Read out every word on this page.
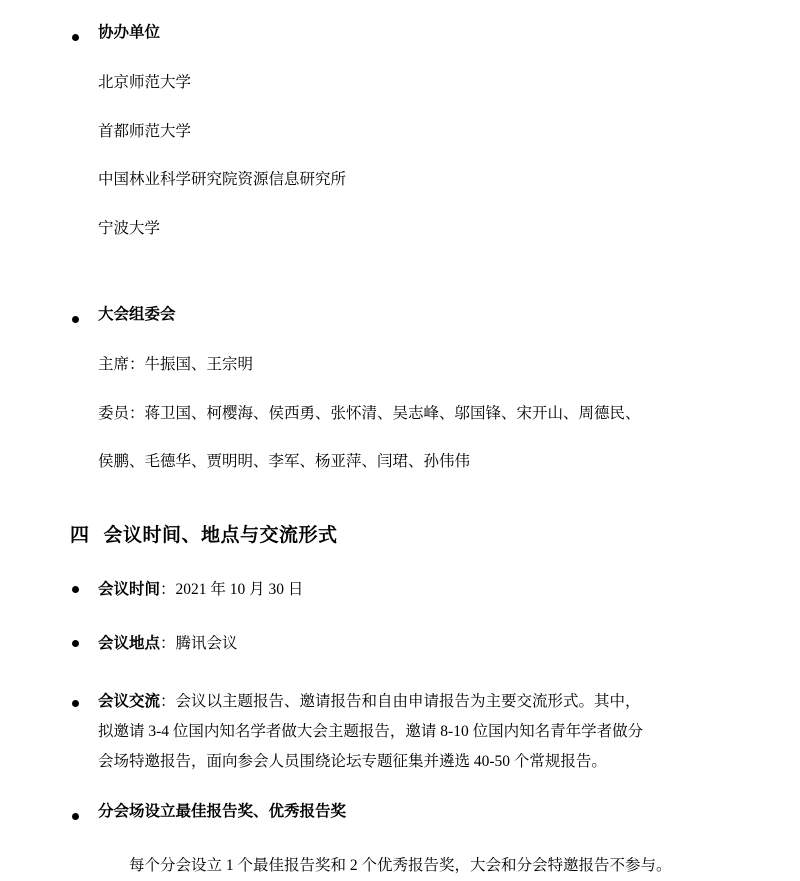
协办单位
北京师范大学
首都师范大学
中国林业科学研究院资源信息研究所
宁波大学
大会组委会
主席：牛振国、王宗明
委员：蒋卫国、柯樱海、侯西勇、张怀清、吴志峰、邬国锋、宋开山、周德民、
侯鹏、毛德华、贾明明、李军、杨亚萍、闫珺、孙伟伟
四 会议时间、地点与交流形式
会议时间：2021 年 10 月 30 日
会议地点：腾讯会议
会议交流：会议以主题报告、邀请报告和自由申请报告为主要交流形式。其中，
拟邀请 3-4 位国内知名学者做大会主题报告，邀请 8-10 位国内知名青年学者做分
会场特邀报告，面向参会人员围绕论坛专题征集并遴选 40-50 个常规报告。
分会场设立最佳报告奖、优秀报告奖
每个分会设立 1 个最佳报告奖和 2 个优秀报告奖，大会和分会特邀报告不参与。
